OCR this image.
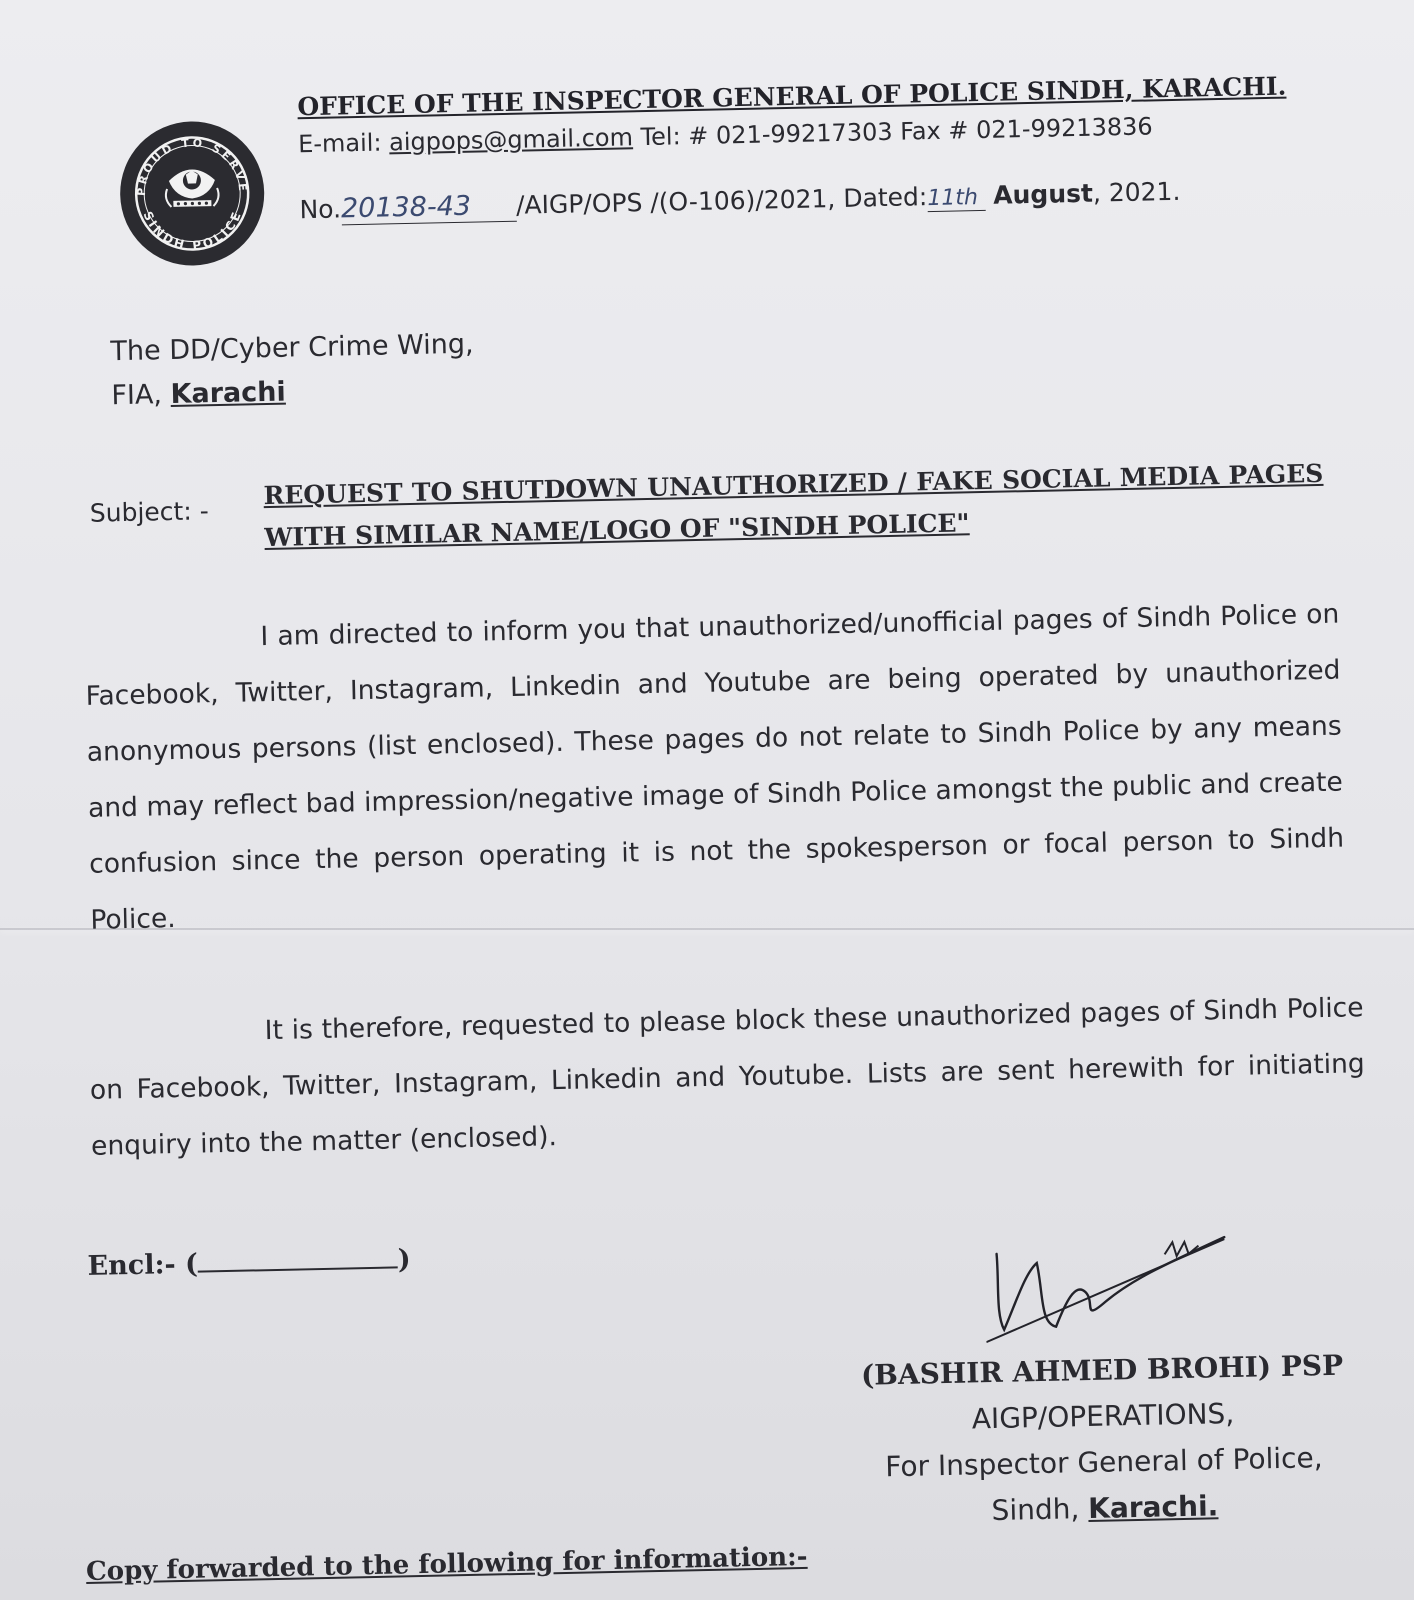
PROUD TO SERVE
SINDH POLICE
OFFICE OF THE INSPECTOR GENERAL OF POLICE SINDH, KARACHI.
E-mail: aigpops@gmail.com Tel: # 021-99217303 Fax # 021-99213836
No.20138-43 /AIGP/OPS /(O-106)/2021, Dated:11th August, 2021.
The DD/Cyber Crime Wing,
FIA, Karachi
Subject: -
REQUEST TO SHUTDOWN UNAUTHORIZED / FAKE SOCIAL MEDIA PAGES WITH SIMILAR NAME/LOGO OF "SINDH POLICE"
I am directed to inform you that unauthorized/unofficial pages of Sindh Police on Facebook, Twitter, Instagram, Linkedin and Youtube are being operated by unauthorized anonymous persons (list enclosed). These pages do not relate to Sindh Police by any means and may reflect bad impression/negative image of Sindh Police amongst the public and create confusion since the person operating it is not the spokesperson or focal person to Sindh Police.
It is therefore, requested to please block these unauthorized pages of Sindh Police on Facebook, Twitter, Instagram, Linkedin and Youtube. Lists are sent herewith for initiating enquiry into the matter (enclosed).
Encl:- (	)
(BASHIR AHMED BROHI) PSP
AIGP/OPERATIONS,
For Inspector General of Police,
Sindh, Karachi.
Copy forwarded to the following for information:-
